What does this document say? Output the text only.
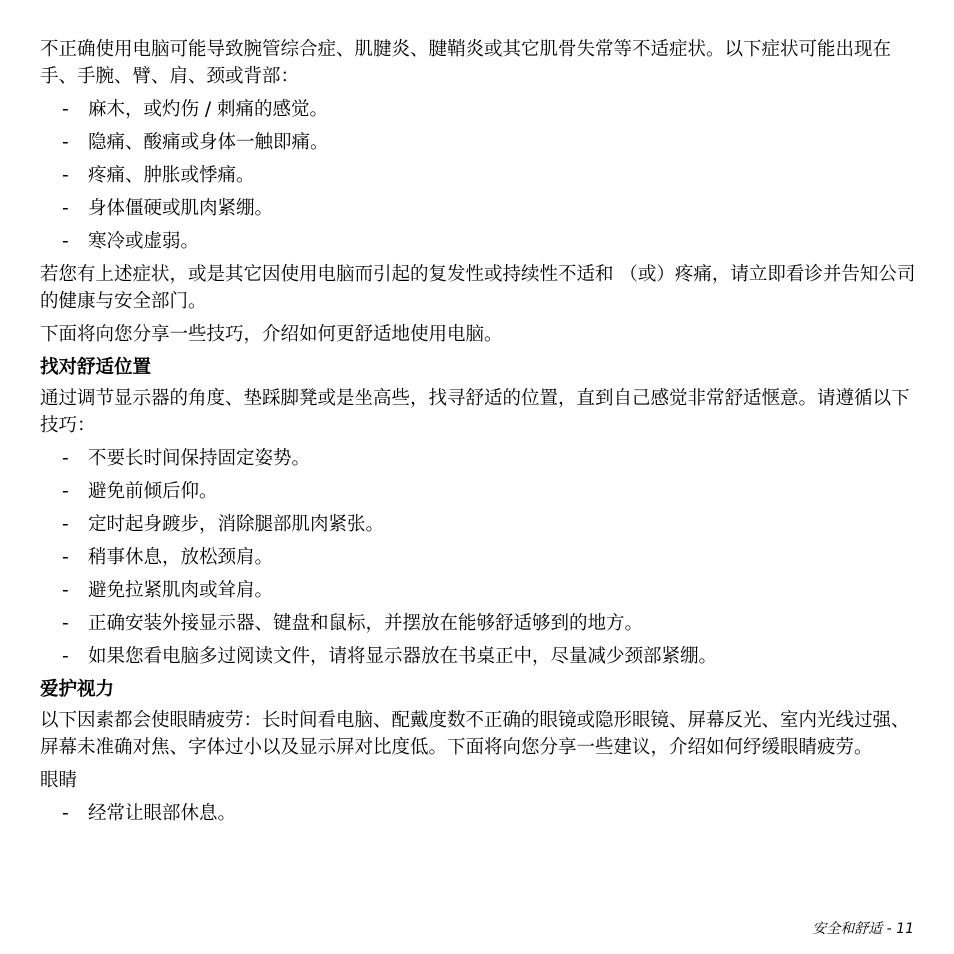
不正确使用电脑可能导致腕管综合症、肌腱炎、腱鞘炎或其它肌骨失常等不适症状。以下症状可能出现在手、手腕、臂、肩、颈或背部：

- 麻木，或灼伤 / 刺痛的感觉。
- 隐痛、酸痛或身体一触即痛。
- 疼痛、肿胀或悸痛。
- 身体僵硬或肌肉紧绷。
- 寒冷或虚弱。

若您有上述症状，或是其它因使用电脑而引起的复发性或持续性不适和 （或）疼痛，请立即看诊并告知公司的健康与安全部门。

下面将向您分享一些技巧，介绍如何更舒适地使用电脑。

找对舒适位置

通过调节显示器的角度、垫踩脚凳或是坐高些，找寻舒适的位置，直到自己感觉非常舒适惬意。请遵循以下技巧：

- 不要长时间保持固定姿势。
- 避免前倾后仰。
- 定时起身踱步，消除腿部肌肉紧张。
- 稍事休息，放松颈肩。
- 避免拉紧肌肉或耸肩。
- 正确安装外接显示器、键盘和鼠标，并摆放在能够舒适够到的地方。
- 如果您看电脑多过阅读文件，请将显示器放在书桌正中，尽量减少颈部紧绷。
爱护视力

以下因素都会使眼睛疲劳：长时间看电脑、配戴度数不正确的眼镜或隐形眼镜、屏幕反光、室内光线过强、屏幕未准确对焦、字体过小以及显示屏对比度低。下面将向您分享一些建议，介绍如何纾缓眼睛疲劳。

眼睛

- 经常让眼部休息。
安全和舒适 - 11
